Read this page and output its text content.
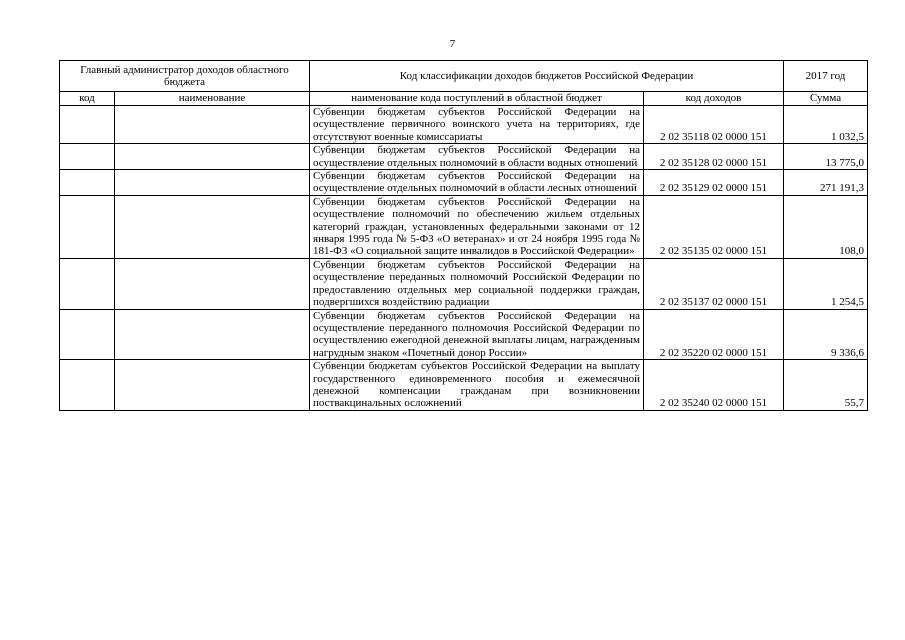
7
Главный администратор доходов областного бюджета		Код классификации доходов бюджетов Российской Федерации		2017 год
код	наименование	наименование кода поступлений в областной бюджет	код доходов	Сумма
		Субвенции бюджетам субъектов Российской Федерации на осуществление первичного воинского учета на территориях, где отсутствуют военные комиссариаты	2 02 35118 02 0000 151	1 032,5
		Субвенции бюджетам субъектов Российской Федерации на осуществление отдельных полномочий в области водных отношений	2 02 35128 02 0000 151	13 775,0
		Субвенции бюджетам субъектов Российской Федерации на осуществление отдельных полномочий в области лесных отношений	2 02 35129 02 0000 151	271 191,3
		Субвенции бюджетам субъектов Российской Федерации на осуществление полномочий по обеспечению жильем отдельных категорий граждан, установленных федеральными законами от 12 января 1995 года № 5-ФЗ «О ветеранах» и от 24 ноября 1995 года № 181-ФЗ «О социальной защите инвалидов в Российской Федерации»	2 02 35135 02 0000 151	108,0
		Субвенции бюджетам субъектов Российской Федерации на осуществление переданных полномочий Российской Федерации по предоставлению отдельных мер социальной поддержки граждан, подвергшихся воздействию радиации	2 02 35137 02 0000 151	1 254,5
		Субвенции бюджетам субъектов Российской Федерации на осуществление переданного полномочия Российской Федерации по осуществлению ежегодной денежной выплаты лицам, награжденным нагрудным знаком «Почетный донор России»	2 02 35220 02 0000 151	9 336,6
		Субвенции бюджетам субъектов Российской Федерации на выплату государственного единовременного пособия и ежемесячной денежной компенсации гражданам при возникновении поствакцинальных осложнений	2 02 35240 02 0000 151	55,7
